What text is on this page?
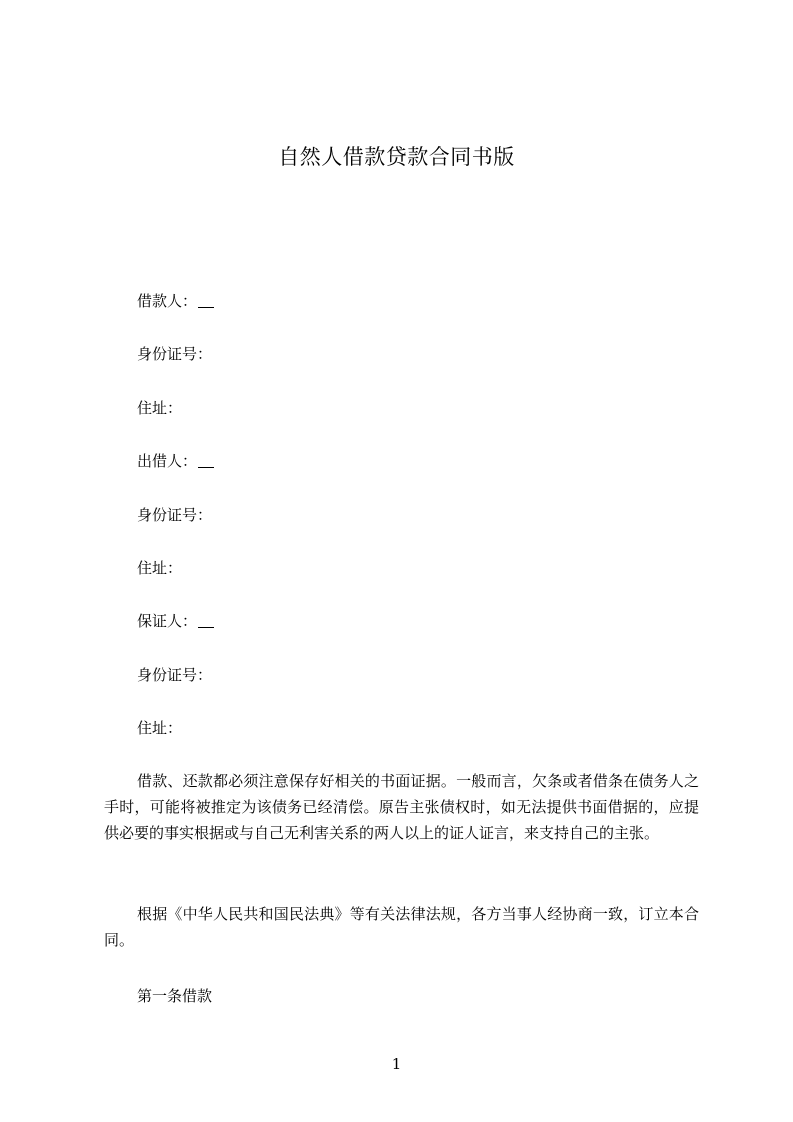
自然人借款贷款合同书版
借款人：
身份证号：
住址：
出借人：
身份证号：
住址：
保证人：
身份证号：
住址：

借款、还款都必须注意保存好相关的书面证据。一般而言，欠条或者借条在债务人之手时，可能将被推定为该债务已经清偿。原告主张债权时，如无法提供书面借据的，应提供必要的事实根据或与自己无利害关系的两人以上的证人证言，来支持自己的主张。

根据《中华人民共和国民法典》等有关法律法规，各方当事人经协商一致，订立本合同。

第一条借款
1
